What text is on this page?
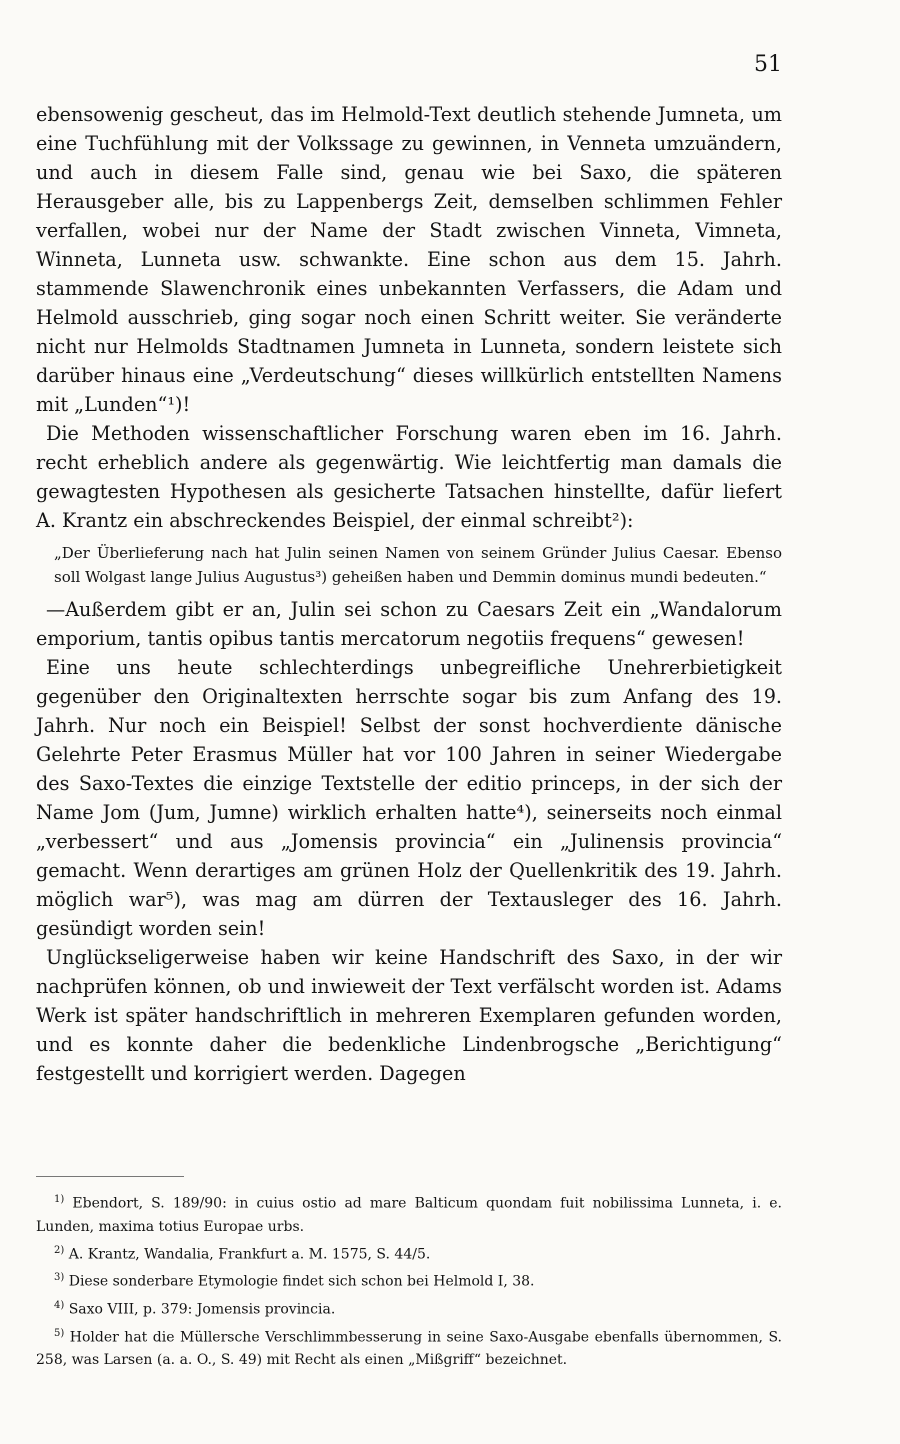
51

ebensowenig gescheut, das im Helmold-Text deutlich stehende Jumneta, um eine Tuchfühlung mit der Volkssage zu gewinnen, in Venneta umzuändern, und auch in diesem Falle sind, genau wie bei Saxo, die späteren Herausgeber alle, bis zu Lappenbergs Zeit, demselben schlimmen Fehler verfallen, wobei nur der Name der Stadt zwischen Vinneta, Vimneta, Winneta, Lunneta usw. schwankte. Eine schon aus dem 15. Jahrh. stammende Slawenchronik eines unbekannten Verfassers, die Adam und Helmold ausschrieb, ging sogar noch einen Schritt weiter. Sie veränderte nicht nur Helmolds Stadtnamen Jumneta in Lunneta, sondern leistete sich darüber hinaus eine „Verdeutschung“ dieses willkürlich entstellten Namens mit „Lunden“¹)!

Die Methoden wissenschaftlicher Forschung waren eben im 16. Jahrh. recht erheblich andere als gegenwärtig. Wie leichtfertig man damals die gewagtesten Hypothesen als gesicherte Tatsachen hinstellte, dafür liefert A. Krantz ein abschreckendes Beispiel, der einmal schreibt²):

„Der Überlieferung nach hat Julin seinen Namen von seinem Gründer Julius Caesar. Ebenso soll Wolgast lange Julius Augustus³) geheißen haben und Demmin dominus mundi bedeuten.“

—Außerdem gibt er an, Julin sei schon zu Caesars Zeit ein „Wandalorum emporium, tantis opibus tantis mercatorum negotiis frequens“ gewesen!

Eine uns heute schlechterdings unbegreifliche Unehrerbietigkeit gegenüber den Originaltexten herrschte sogar bis zum Anfang des 19. Jahrh. Nur noch ein Beispiel! Selbst der sonst hochverdiente dänische Gelehrte Peter Erasmus Müller hat vor 100 Jahren in seiner Wiedergabe des Saxo-Textes die einzige Textstelle der editio princeps, in der sich der Name Jom (Jum, Jumne) wirklich erhalten hatte⁴), seinerseits noch einmal „verbessert“ und aus „Jomensis provincia“ ein „Julinensis provincia“ gemacht. Wenn derartiges am grünen Holz der Quellenkritik des 19. Jahrh. möglich war⁵), was mag am dürren der Textausleger des 16. Jahrh. gesündigt worden sein!

Unglückseligerweise haben wir keine Handschrift des Saxo, in der wir nachprüfen können, ob und inwieweit der Text verfälscht worden ist. Adams Werk ist später handschriftlich in mehreren Exemplaren gefunden worden, und es konnte daher die bedenkliche Lindenbrogsche „Berichtigung“ festgestellt und korrigiert werden. Dagegen

$^{1)}$ Ebendort, S. 189/90: in cuius ostio ad mare Balticum quondam fuit nobilissima Lunneta, i. e. Lunden, maxima totius Europae urbs.
$^{2)}$ A. Krantz, Wandalia, Frankfurt a. M. 1575, S. 44/5.
$^{3)}$ Diese sonderbare Etymologie findet sich schon bei Helmold I, 38.
$^{4)}$ Saxo VIII, p. 379: Jomensis provincia.
$^{5)}$ Holder hat die Müllersche Verschlimmbesserung in seine Saxo-Ausgabe ebenfalls übernommen, S. 258, was Larsen (a. a. O., S. 49) mit Recht als einen „Mißgriff“ bezeichnet.
